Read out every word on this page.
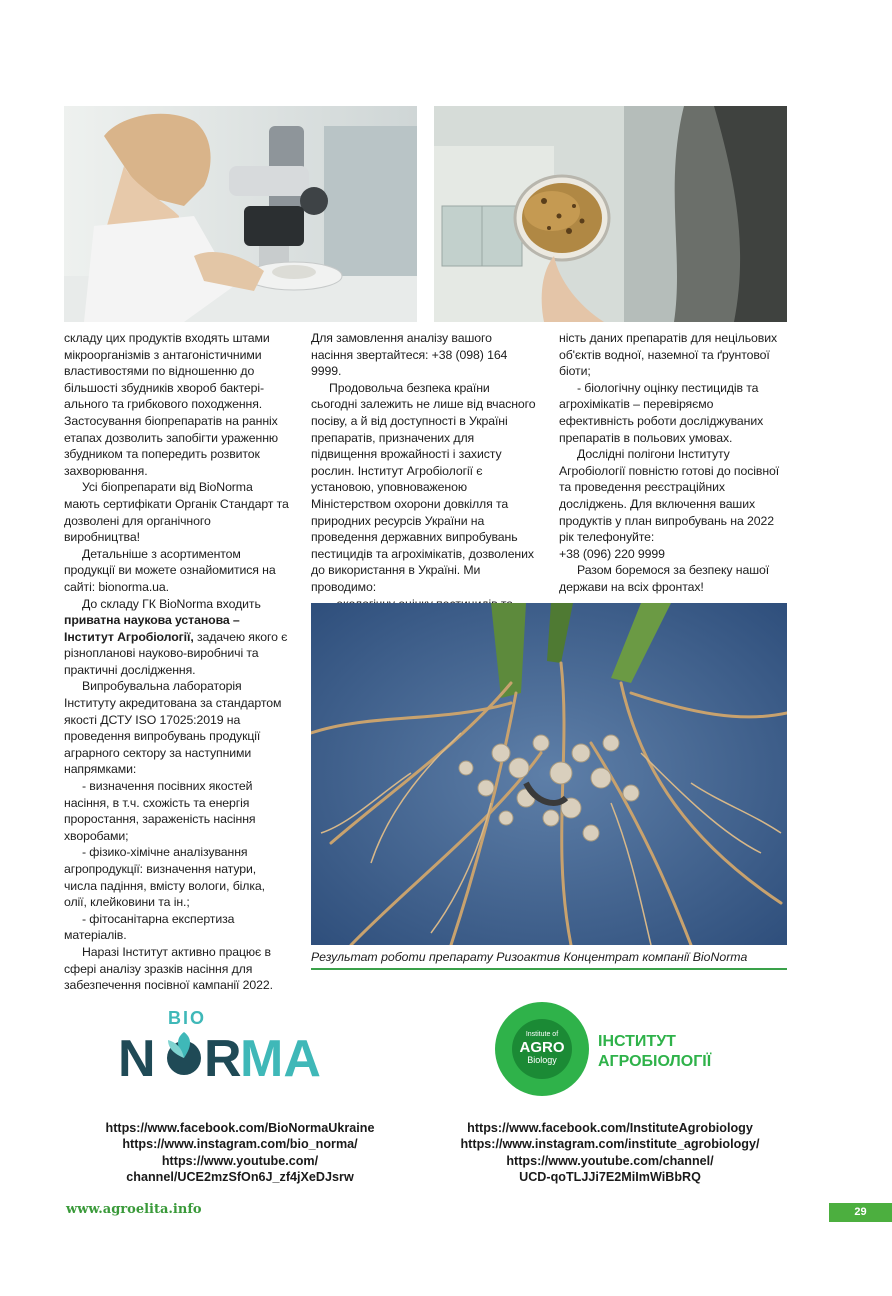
складу цих продуктів входять штами мікроорганізмів з антагоністичними властивостями по відношенню до більшості збудників хвороб бактері-ального та грибкового походження. Застосування біопрепаратів на ранніх етапах дозволить запобігти ураженню збудником та попередить розвиток захворювання.

Усі біопрепарати від BioNorma мають сертифікати Органік Стандарт та дозволені для органічного виробництва!

Детальніше з асортиментом продукції ви можете ознайомитися на сайті: bionorma.ua.

До складу ГК BioNorma входить приватна наукова установа – Інститут Агробіології, задачею якого є різнопланові науково-виробничі та практичні дослідження.

Випробувальна лабораторія Інституту акредитована за стандартом якості ДСТУ ISO 17025:2019 на проведення випробувань продукції аграрного сектору за наступними напрямками:

- визначення посівних якостей насіння, в т.ч. схожість та енергія проростання, зараженість насіння хворобами;

- фізико-хімічне аналізування агропродукції: визначення натури, числа падіння, вмісту вологи, білка, олії, клейковини та ін.;

- фітосанітарна експертиза матеріалів.

Наразі Інститут активно працює в сфері аналізу зразків насіння для забезпечення посівної кампанії 2022.

Для замовлення аналізу вашого насіння звертайтеся: +38 (098) 164 9999.

Продовольча безпека країни сьогодні залежить не лише від вчасного посіву, а й від доступності в Україні препаратів, призначених для підвищення врожайності і захисту рослин. Інститут Агробіології є установою, уповноваженою Міністерством охорони довкілля та природних ресурсів України на проведення державних випробувань пестицидів та агрохімікатів, дозволених до використання в Україні. Ми проводимо:

ність даних препаратів для нецільових об'єктів водної, наземної та ґрунтової біоти;

- біологічну оцінку пестицидів та агрохімікатів – перевіряємо ефективність роботи досліджуваних препаратів в польових умовах.

Дослідні полігони Інституту Агробіології повністю готові до посівної та проведення реєстраційних досліджень. Для включення ваших продуктів у план випробувань на 2022 рік телефонуйте:

+38 (096) 220 9999

Разом боремося за безпеку нашої держави на всіх фронтах!

Результат роботи препарату Ризоактив Концентрат компанії BioNorma
BIO
N R
MA	Institute of
AGRO
Biology
ІНСТИТУТ
АГРОБІОЛОГІЇ
https://www.facebook.com/BioNormaUkraine
https://www.instagram.com/bio_norma/
https://www.youtube.com/
channel/UCE2mzSfOn6J_zf4jXeDJsrw
https://www.facebook.com/InstituteAgrobiology
https://www.instagram.com/institute_agrobiology/
https://www.youtube.com/channel/
UCD-qoTLJJi7E2MiImWiBbRQ
www.agroelita.info	29
